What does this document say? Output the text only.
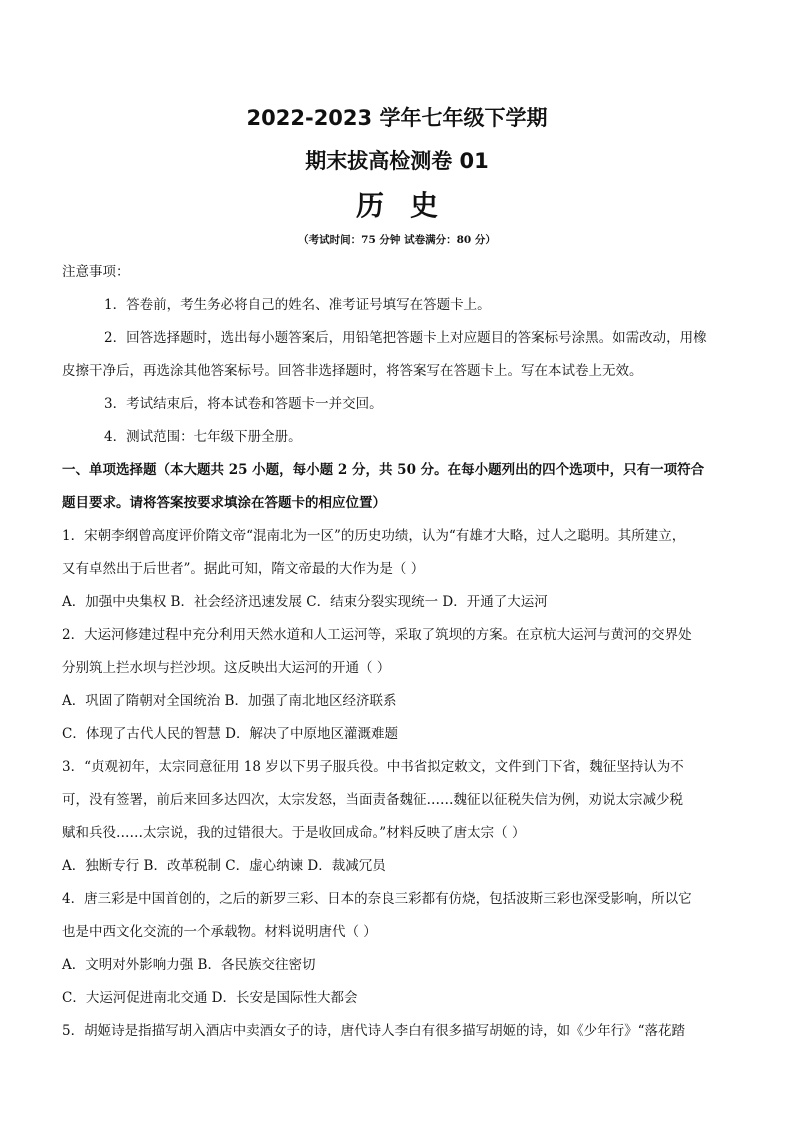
2022-2023 学年七年级下学期
期末拔高检测卷 01
历史
（考试时间：75 分钟 试卷满分：80 分）
注意事项：
1．答卷前，考生务必将自己的姓名、准考证号填写在答题卡上。
2．回答选择题时，选出每小题答案后，用铅笔把答题卡上对应题目的答案标号涂黑。如需改动，用橡
皮擦干净后，再选涂其他答案标号。回答非选择题时，将答案写在答题卡上。写在本试卷上无效。
3．考试结束后，将本试卷和答题卡一并交回。
4．测试范围：七年级下册全册。
一、单项选择题（本大题共 25 小题，每小题 2 分，共 50 分。在每小题列出的四个选项中，只有一项符合
题目要求。请将答案按要求填涂在答题卡的相应位置）
1．宋朝李纲曾高度评价隋文帝“混南北为一区”的历史功绩，认为“有雄才大略，过人之聪明。其所建立，
又有卓然出于后世者”。据此可知，隋文帝最的大作为是（ ）
A．加强中央集权 B．社会经济迅速发展 C．结束分裂实现统一 D．开通了大运河
2．大运河修建过程中充分利用天然水道和人工运河等，采取了筑坝的方案。在京杭大运河与黄河的交界处
分别筑上拦水坝与拦沙坝。这反映出大运河的开通（ ）
A．巩固了隋朝对全国统治 B．加强了南北地区经济联系
C．体现了古代人民的智慧 D．解决了中原地区灌溉难题
3．“贞观初年，太宗同意征用 18 岁以下男子服兵役。中书省拟定敕文，文件到门下省，魏征坚持认为不
可，没有签署，前后来回多达四次，太宗发怒，当面责备魏征……魏征以征税失信为例，劝说太宗减少税
赋和兵役……太宗说，我的过错很大。于是收回成命。”材料反映了唐太宗（ ）
A．独断专行 B．改革税制 C．虚心纳谏 D．裁减冗员
4．唐三彩是中国首创的，之后的新罗三彩、日本的奈良三彩都有仿烧，包括波斯三彩也深受影响，所以它
也是中西文化交流的一个承载物。材料说明唐代（ ）
A．文明对外影响力强 B．各民族交往密切
C．大运河促进南北交通 D．长安是国际性大都会
5．胡姬诗是指描写胡入酒店中卖酒女子的诗，唐代诗人李白有很多描写胡姬的诗，如《少年行》“落花踏
